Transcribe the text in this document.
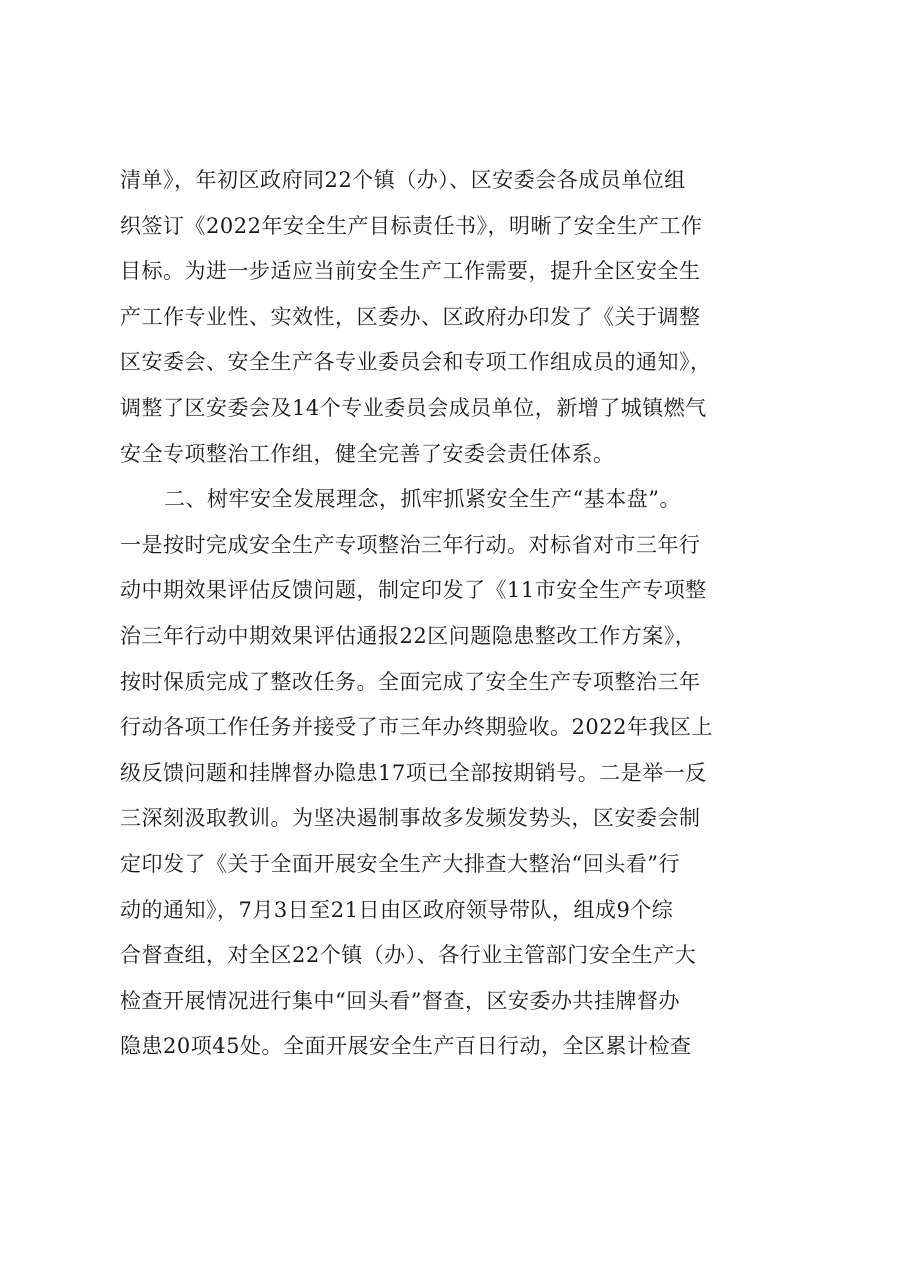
清单》，年初区政府同22个镇（办）、区安委会各成员单位组
织签订《2022年安全生产目标责任书》，明晰了安全生产工作
目标。为进一步适应当前安全生产工作需要，提升全区安全生
产工作专业性、实效性，区委办、区政府办印发了《关于调整
区安委会、安全生产各专业委员会和专项工作组成员的通知》，
调整了区安委会及14个专业委员会成员单位，新增了城镇燃气
安全专项整治工作组，健全完善了安委会责任体系。
二、树牢安全发展理念，抓牢抓紧安全生产“基本盘”。
一是按时完成安全生产专项整治三年行动。对标省对市三年行
动中期效果评估反馈问题，制定印发了《11市安全生产专项整
治三年行动中期效果评估通报22区问题隐患整改工作方案》，
按时保质完成了整改任务。全面完成了安全生产专项整治三年
行动各项工作任务并接受了市三年办终期验收。2022年我区上
级反馈问题和挂牌督办隐患17项已全部按期销号。二是举一反
三深刻汲取教训。为坚决遏制事故多发频发势头，区安委会制
定印发了《关于全面开展安全生产大排查大整治“回头看”行
动的通知》，7月3日至21日由区政府领导带队，组成9个综
合督查组，对全区22个镇（办）、各行业主管部门安全生产大
检查开展情况进行集中“回头看”督查，区安委办共挂牌督办
隐患20项45处。全面开展安全生产百日行动，全区累计检查
